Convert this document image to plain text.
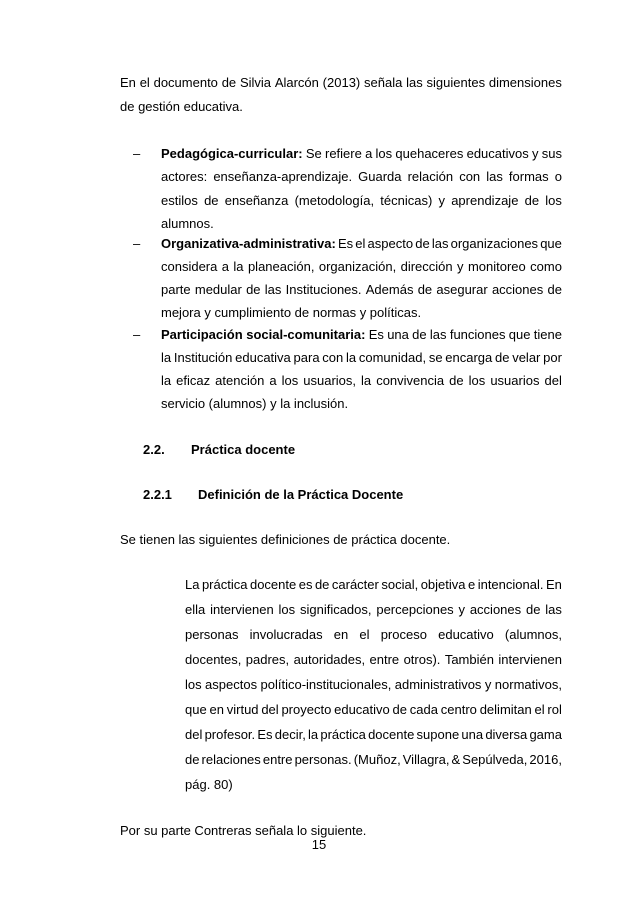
En el documento de Silvia Alarcón (2013) señala las siguientes dimensiones
de gestión educativa.
– Pedagógica-curricular: Se refiere a los quehaceres educativos y sus
actores: enseñanza-aprendizaje. Guarda relación con las formas o
estilos de enseñanza (metodología, técnicas) y aprendizaje de los
alumnos.
– Organizativa-administrativa: Es el aspecto de las organizaciones que
considera a la planeación, organización, dirección y monitoreo como
parte medular de las Instituciones. Además de asegurar acciones de
mejora y cumplimiento de normas y políticas.
– Participación social-comunitaria: Es una de las funciones que tiene
la Institución educativa para con la comunidad, se encarga de velar por
la eficaz atención a los usuarios, la convivencia de los usuarios del
servicio (alumnos) y la inclusión.
2.2. Práctica docente
2.2.1 Definición de la Práctica Docente
Se tienen las siguientes definiciones de práctica docente.
La práctica docente es de carácter social, objetiva e intencional. En
ella intervienen los significados, percepciones y acciones de las
personas involucradas en el proceso educativo (alumnos,
docentes, padres, autoridades, entre otros). También intervienen
los aspectos político-institucionales, administrativos y normativos,
que en virtud del proyecto educativo de cada centro delimitan el rol
del profesor. Es decir, la práctica docente supone una diversa gama
de relaciones entre personas. (Muñoz, Villagra, & Sepúlveda, 2016,
pág. 80)
Por su parte Contreras señala lo siguiente.
15
